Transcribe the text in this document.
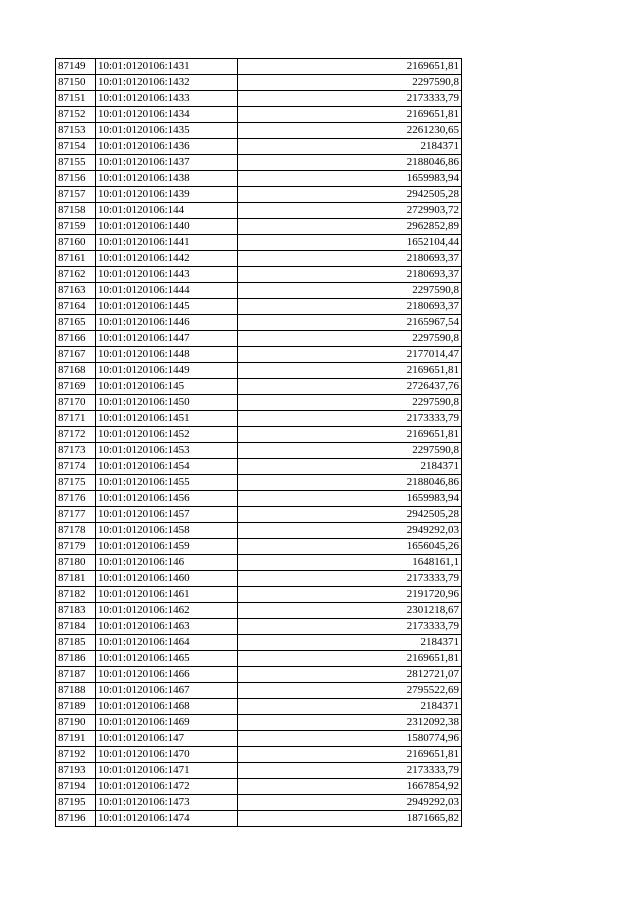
87149	10:01:0120106:1431	2169651,81
87150	10:01:0120106:1432	2297590,8
87151	10:01:0120106:1433	2173333,79
87152	10:01:0120106:1434	2169651,81
87153	10:01:0120106:1435	2261230,65
87154	10:01:0120106:1436	2184371
87155	10:01:0120106:1437	2188046,86
87156	10:01:0120106:1438	1659983,94
87157	10:01:0120106:1439	2942505,28
87158	10:01:0120106:144	2729903,72
87159	10:01:0120106:1440	2962852,89
87160	10:01:0120106:1441	1652104,44
87161	10:01:0120106:1442	2180693,37
87162	10:01:0120106:1443	2180693,37
87163	10:01:0120106:1444	2297590,8
87164	10:01:0120106:1445	2180693,37
87165	10:01:0120106:1446	2165967,54
87166	10:01:0120106:1447	2297590,8
87167	10:01:0120106:1448	2177014,47
87168	10:01:0120106:1449	2169651,81
87169	10:01:0120106:145	2726437,76
87170	10:01:0120106:1450	2297590,8
87171	10:01:0120106:1451	2173333,79
87172	10:01:0120106:1452	2169651,81
87173	10:01:0120106:1453	2297590,8
87174	10:01:0120106:1454	2184371
87175	10:01:0120106:1455	2188046,86
87176	10:01:0120106:1456	1659983,94
87177	10:01:0120106:1457	2942505,28
87178	10:01:0120106:1458	2949292,03
87179	10:01:0120106:1459	1656045,26
87180	10:01:0120106:146	1648161,1
87181	10:01:0120106:1460	2173333,79
87182	10:01:0120106:1461	2191720,96
87183	10:01:0120106:1462	2301218,67
87184	10:01:0120106:1463	2173333,79
87185	10:01:0120106:1464	2184371
87186	10:01:0120106:1465	2169651,81
87187	10:01:0120106:1466	2812721,07
87188	10:01:0120106:1467	2795522,69
87189	10:01:0120106:1468	2184371
87190	10:01:0120106:1469	2312092,38
87191	10:01:0120106:147	1580774,96
87192	10:01:0120106:1470	2169651,81
87193	10:01:0120106:1471	2173333,79
87194	10:01:0120106:1472	1667854,92
87195	10:01:0120106:1473	2949292,03
87196	10:01:0120106:1474	1871665,82
